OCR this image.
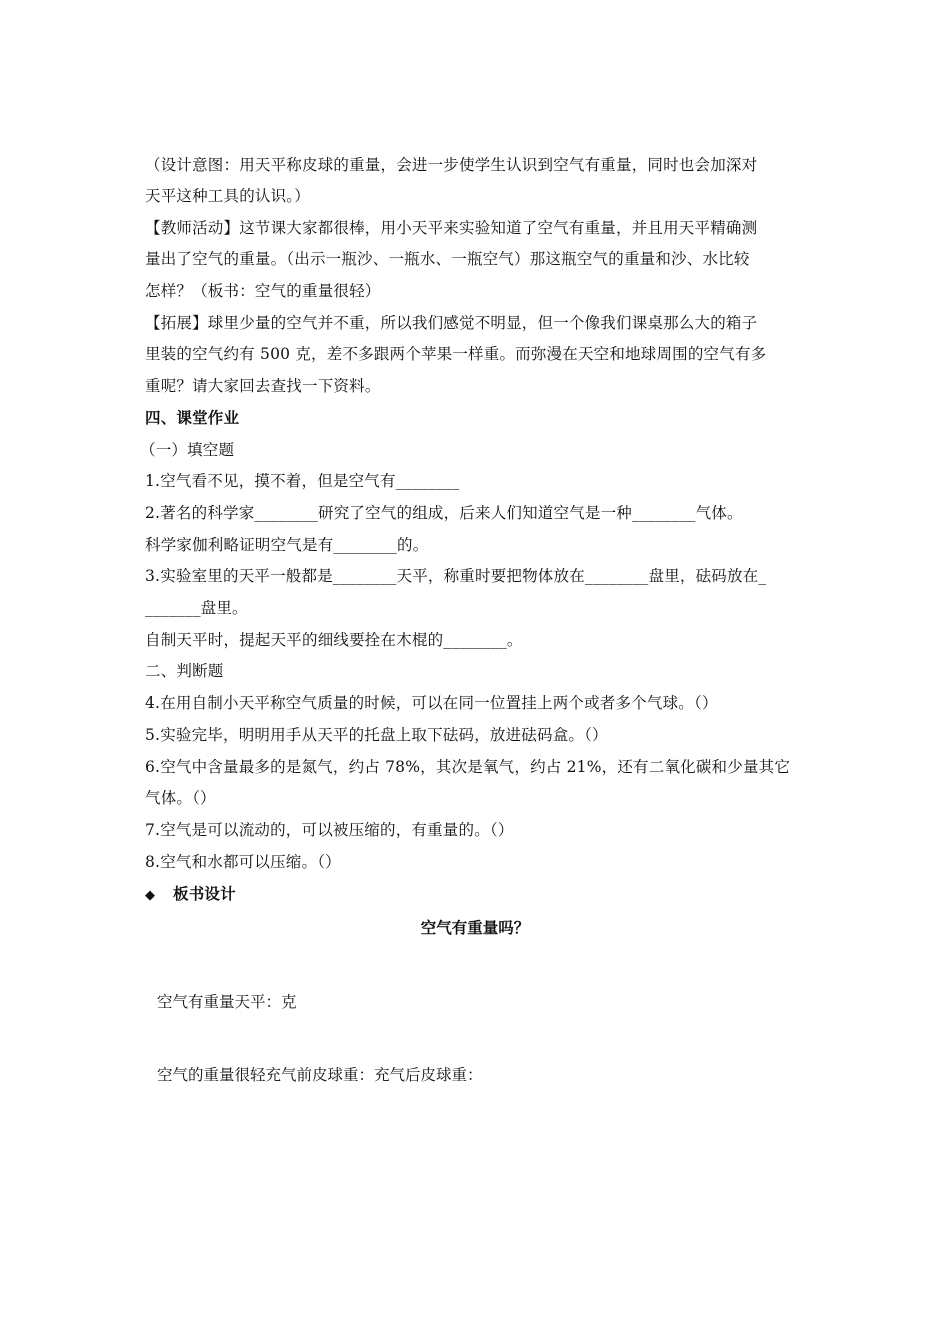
（设计意图：用天平称皮球的重量，会进一步使学生认识到空气有重量，同时也会加深对
天平这种工具的认识。）
【教师活动】这节课大家都很棒，用小天平来实验知道了空气有重量，并且用天平精确测
量出了空气的重量。（出示一瓶沙、一瓶水、一瓶空气）那这瓶空气的重量和沙、水比较
怎样？（板书：空气的重量很轻）
【拓展】球里少量的空气并不重，所以我们感觉不明显，但一个像我们课桌那么大的箱子
里装的空气约有 500 克，差不多跟两个苹果一样重。而弥漫在天空和地球周围的空气有多
重呢？请大家回去查找一下资料。
四、课堂作业
（一）填空题
1.空气看不见，摸不着，但是空气有________
2.著名的科学家________研究了空气的组成，后来人们知道空气是一种________气体。
科学家伽利略证明空气是有________的。
3.实验室里的天平一般都是________天平，称重时要把物体放在________盘里，砝码放在_
_______盘里。
自制天平时，提起天平的细线要拴在木棍的________。
二、判断题
4.在用自制小天平称空气质量的时候，可以在同一位置挂上两个或者多个气球。（）
5.实验完毕，明明用手从天平的托盘上取下砝码，放进砝码盒。（）
6.空气中含量最多的是氮气，约占 78%，其次是氧气，约占 21%，还有二氧化碳和少量其它
气体。（）
7.空气是可以流动的，可以被压缩的，有重量的。（）
8.空气和水都可以压缩。（）
◆ 板书设计
空气有重量吗？
空气有重量天平：克
空气的重量很轻充气前皮球重：充气后皮球重：
